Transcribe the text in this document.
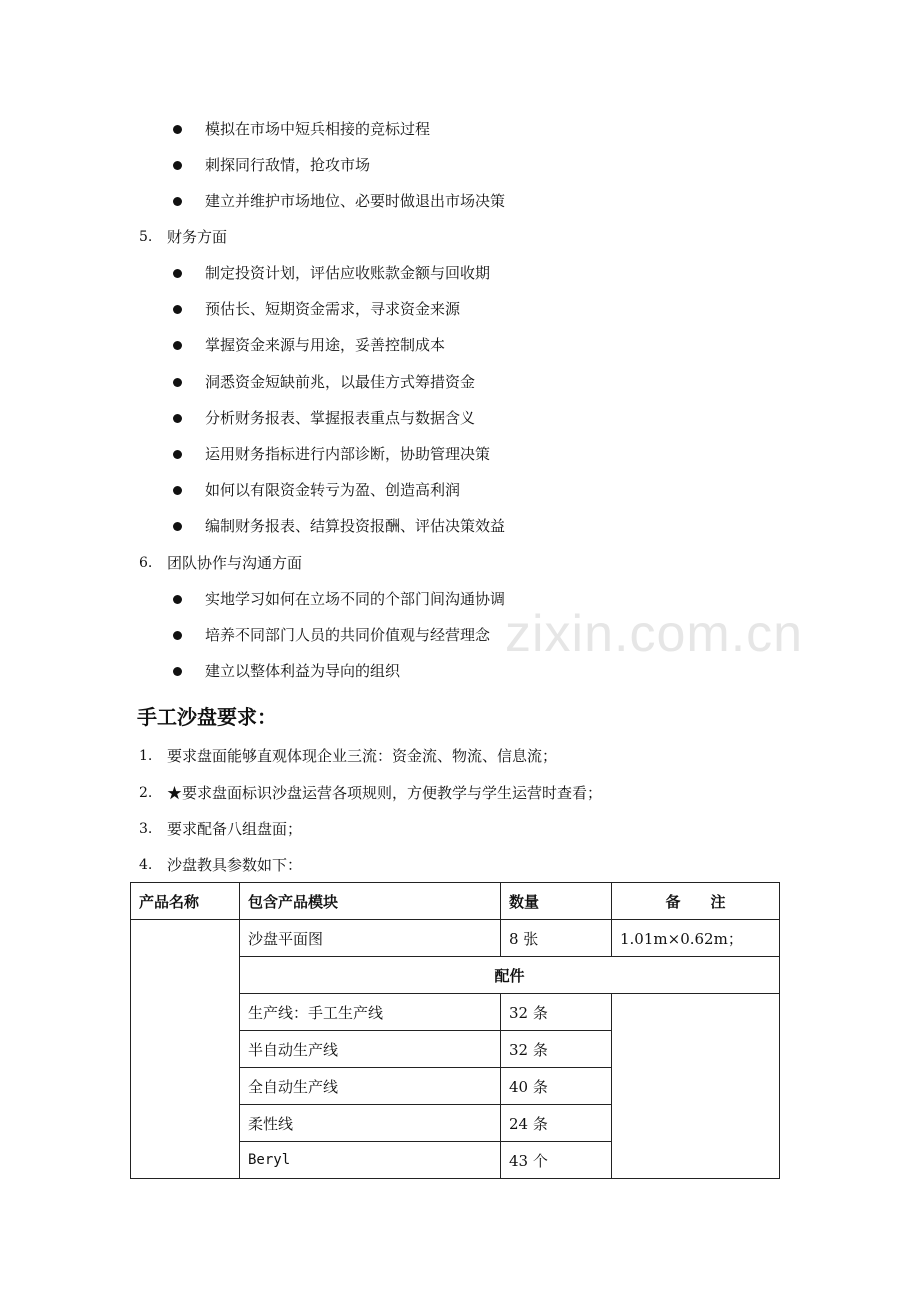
zixin.com.cn
模拟在市场中短兵相接的竞标过程
刺探同行敌情，抢攻市场
建立并维护市场地位、必要时做退出市场决策
5. 财务方面
制定投资计划，评估应收账款金额与回收期
预估长、短期资金需求，寻求资金来源
掌握资金来源与用途，妥善控制成本
洞悉资金短缺前兆，以最佳方式筹措资金
分析财务报表、掌握报表重点与数据含义
运用财务指标进行内部诊断，协助管理决策
如何以有限资金转亏为盈、创造高利润
编制财务报表、结算投资报酬、评估决策效益
6. 团队协作与沟通方面
实地学习如何在立场不同的个部门间沟通协调
培养不同部门人员的共同价值观与经营理念
建立以整体利益为导向的组织
手工沙盘要求：
1. 要求盘面能够直观体现企业三流：资金流、物流、信息流；
2. ★要求盘面标识沙盘运营各项规则，方便教学与学生运营时查看；
3. 要求配备八组盘面；
4. 沙盘教具参数如下：
产品名称	包含产品模块	数量	备　　注
	沙盘平面图	8 张	1.01m×0.62m；
	配件		
	生产线：手工生产线	32 条	
	半自动生产线	32 条	
	全自动生产线	40 条	
	柔性线	24 条	
	Beryl	43 个	
